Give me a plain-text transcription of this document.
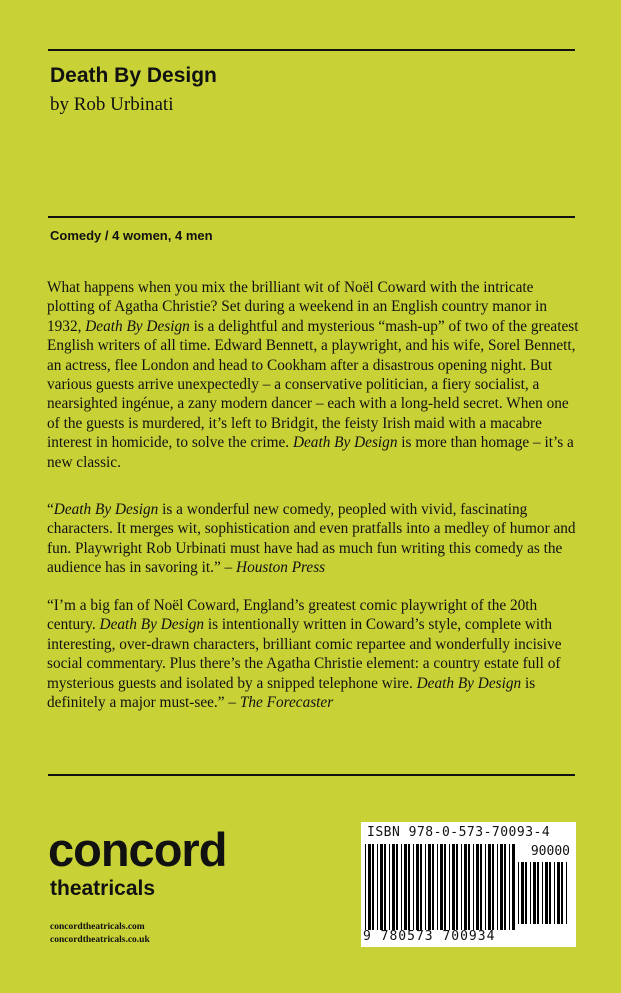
Death By Design
by Rob Urbinati
Comedy / 4 women, 4 men

What happens when you mix the brilliant wit of Noël Coward with the intricate plotting of Agatha Christie? Set during a weekend in an English country manor in 1932, Death By Design is a delightful and mysterious “mash-up” of two of the greatest English writers of all time. Edward Bennett, a playwright, and his wife, Sorel Bennett, an actress, flee London and head to Cookham after a disastrous opening night. But various guests arrive unexpectedly – a conservative politician, a fiery socialist, a nearsighted ingénue, a zany modern dancer – each with a long-held secret. When one of the guests is murdered, it’s left to Bridgit, the feisty Irish maid with a macabre interest in homicide, to solve the crime. Death By Design is more than homage – it’s a new classic.

“Death By Design is a wonderful new comedy, peopled with vivid, fascinating characters. It merges wit, sophistication and even pratfalls into a medley of humor and fun. Playwright Rob Urbinati must have had as much fun writing this comedy as the audience has in savoring it.” – Houston Press

“I’m a big fan of Noël Coward, England’s greatest comic playwright of the 20th century. Death By Design is intentionally written in Coward’s style, complete with interesting, over-drawn characters, brilliant comic repartee and wonderfully incisive social commentary. Plus there’s the Agatha Christie element: a country estate full of mysterious guests and isolated by a snipped telephone wire. Death By Design is definitely a major must-see.” – The Forecaster

concord
theatricals
concordtheatricals.com
concordtheatricals.co.uk
ISBN 978-0-573-70093-4
90000
9 780573 700934
